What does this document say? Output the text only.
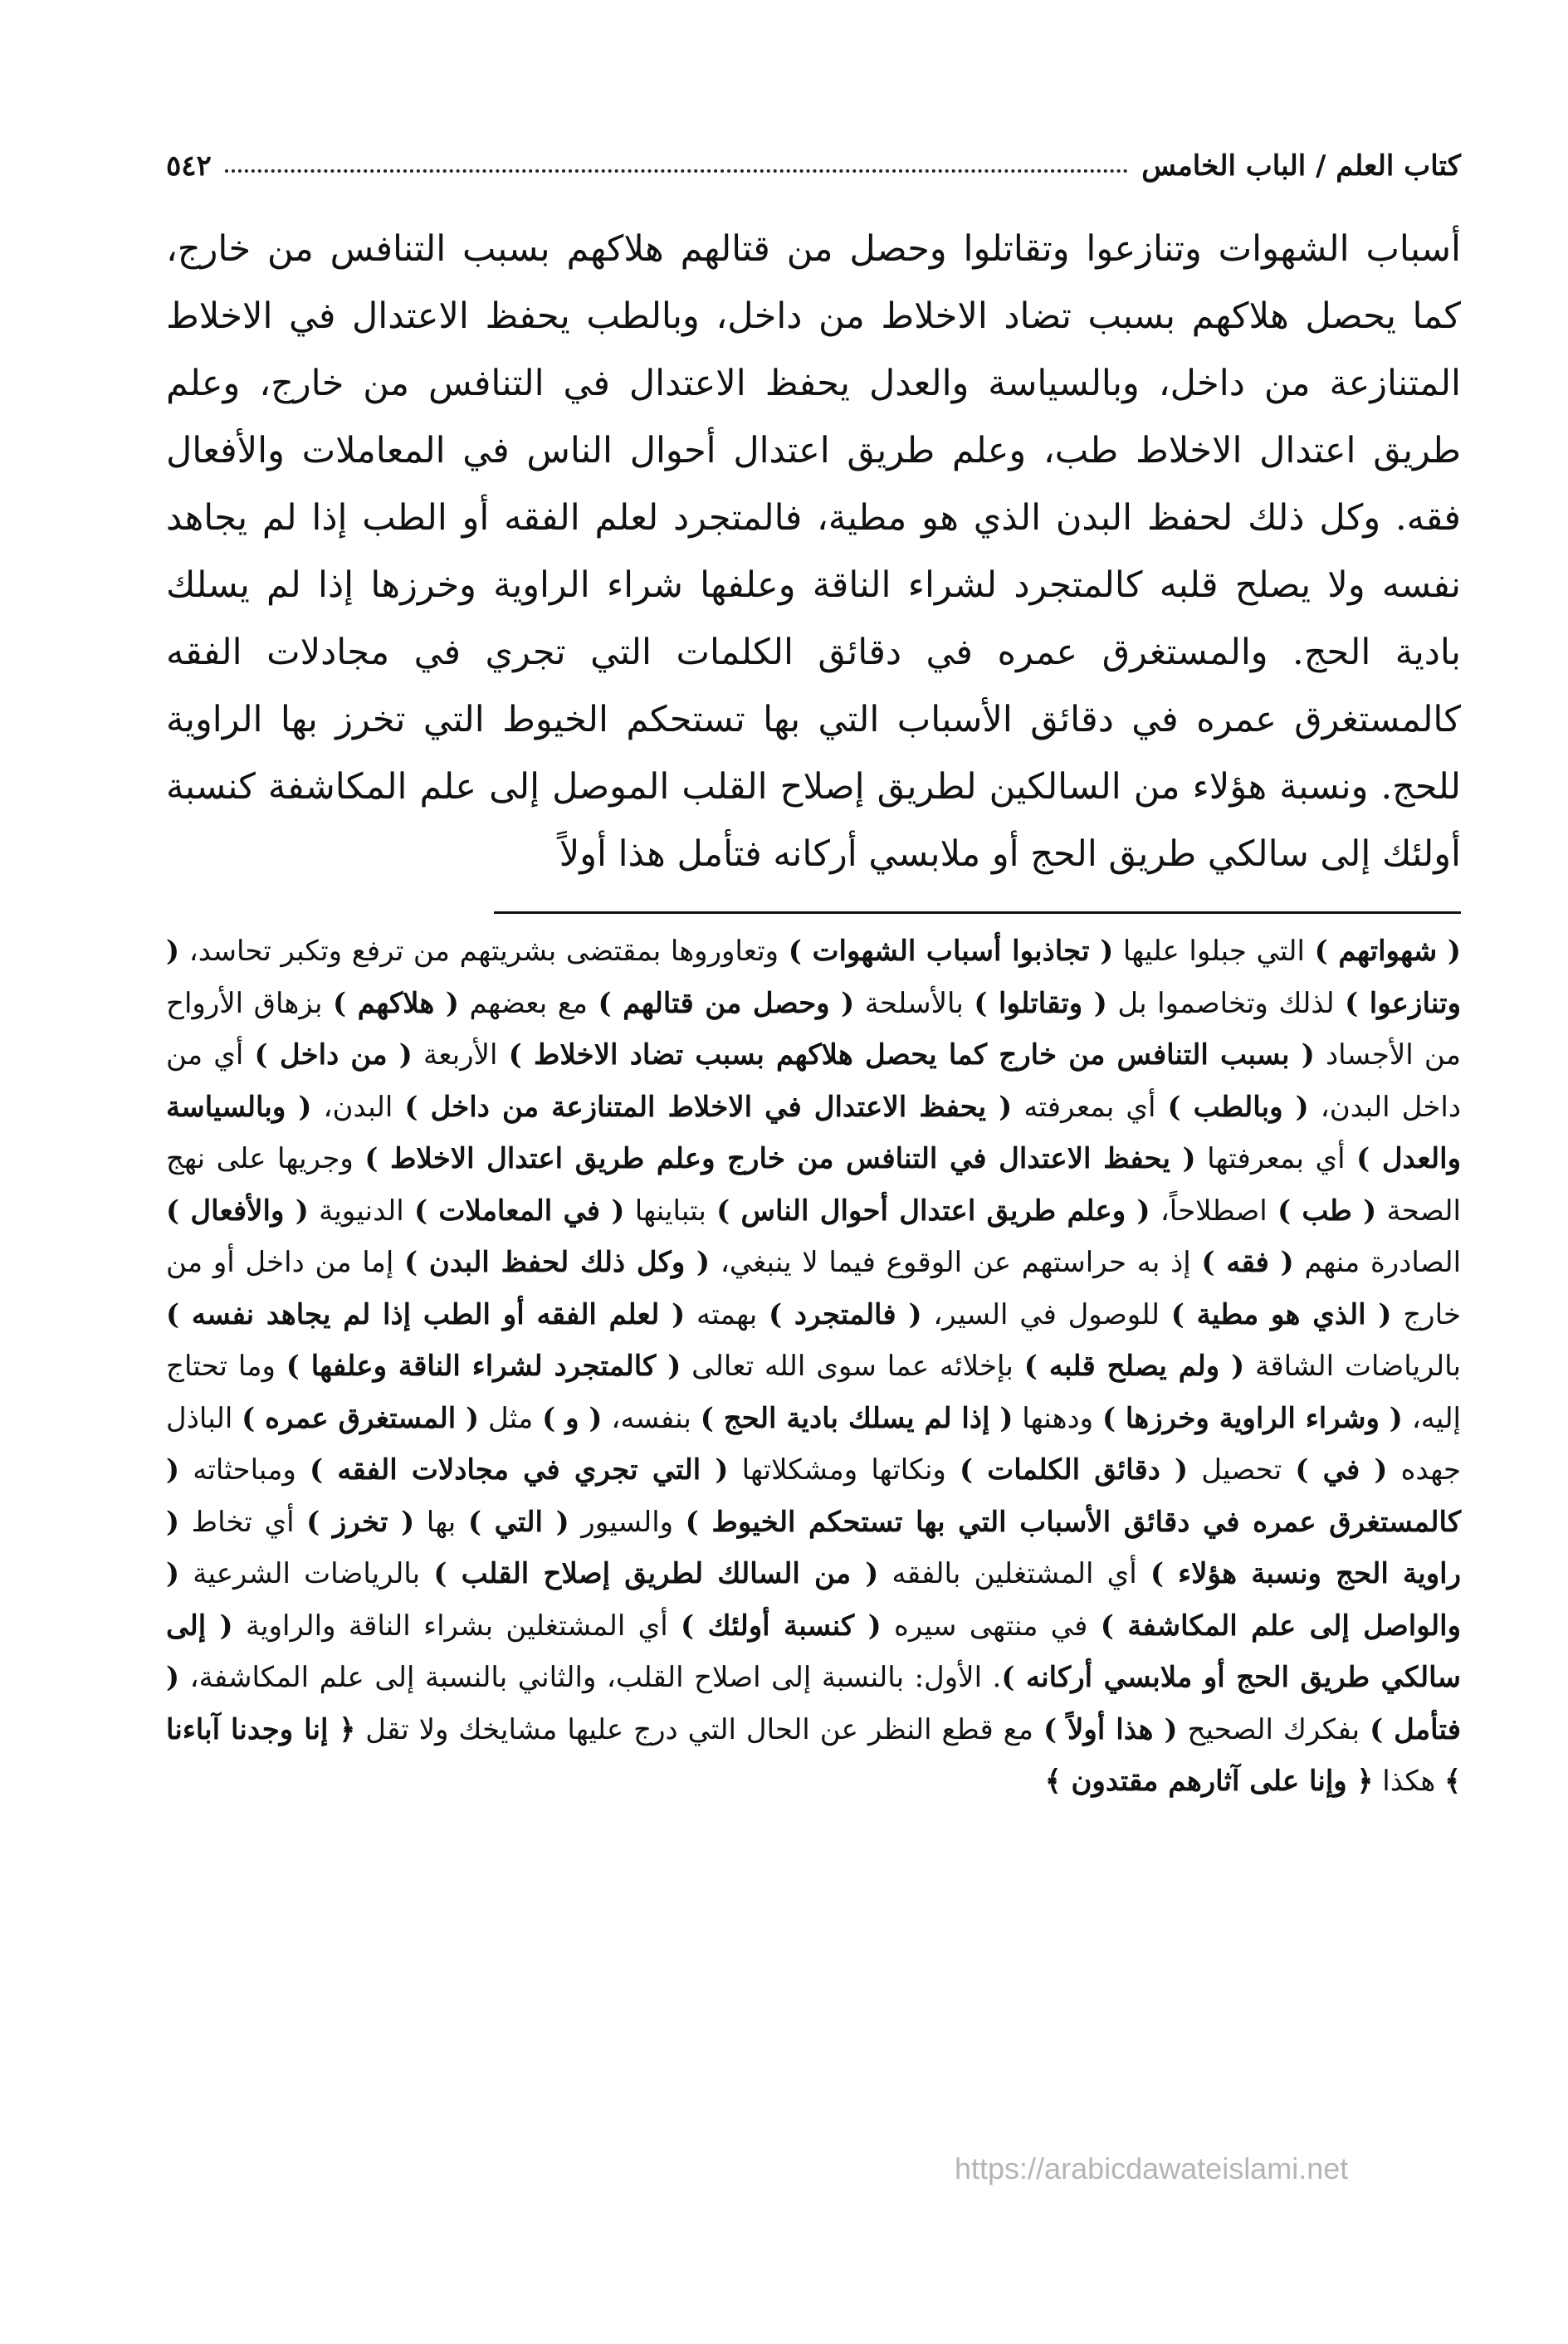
كتاب العلم / الباب الخامس
٥٤٢
أسباب الشهوات وتنازعوا وتقاتلوا وحصل من قتالهم هلاكهم بسبب التنافس من خارج، كما يحصل هلاكهم بسبب تضاد الاخلاط من داخل، وبالطب يحفظ الاعتدال في الاخلاط المتنازعة من داخل، وبالسياسة والعدل يحفظ الاعتدال في التنافس من خارج، وعلم طريق اعتدال الاخلاط طب، وعلم طريق اعتدال أحوال الناس في المعاملات والأفعال فقه. وكل ذلك لحفظ البدن الذي هو مطية، فالمتجرد لعلم الفقه أو الطب إذا لم يجاهد نفسه ولا يصلح قلبه كالمتجرد لشراء الناقة وعلفها شراء الراوية وخرزها إذا لم يسلك بادية الحج. والمستغرق عمره في دقائق الكلمات التي تجري في مجادلات الفقه كالمستغرق عمره في دقائق الأسباب التي بها تستحكم الخيوط التي تخرز بها الراوية للحج. ونسبة هؤلاء من السالكين لطريق إصلاح القلب الموصل إلى علم المكاشفة كنسبة أولئك إلى سالكي طريق الحج أو ملابسي أركانه فتأمل هذا أولاً
( شهواتهم ) التي جبلوا عليها ( تجاذبوا أسباب الشهوات ) وتعاوروها بمقتضى بشريتهم من ترفع وتكبر تحاسد، ( وتنازعوا ) لذلك وتخاصموا بل ( وتقاتلوا ) بالأسلحة ( وحصل من قتالهم ) مع بعضهم ( هلاكهم ) بزهاق الأرواح من الأجساد ( بسبب التنافس من خارج كما يحصل هلاكهم بسبب تضاد الاخلاط ) الأربعة ( من داخل ) أي من داخل البدن، ( وبالطب ) أي بمعرفته ( يحفظ الاعتدال في الاخلاط المتنازعة من داخل ) البدن، ( وبالسياسة والعدل ) أي بمعرفتها ( يحفظ الاعتدال في التنافس من خارج وعلم طريق اعتدال الاخلاط ) وجريها على نهج الصحة ( طب ) اصطلاحاً، ( وعلم طريق اعتدال أحوال الناس ) بتباينها ( في المعاملات ) الدنيوية ( والأفعال ) الصادرة منهم ( فقه ) إذ به حراستهم عن الوقوع فيما لا ينبغي، ( وكل ذلك لحفظ البدن ) إما من داخل أو من خارج ( الذي هو مطية ) للوصول في السير، ( فالمتجرد ) بهمته ( لعلم الفقه أو الطب إذا لم يجاهد نفسه ) بالرياضات الشاقة ( ولم يصلح قلبه ) بإخلائه عما سوى الله تعالى ( كالمتجرد لشراء الناقة وعلفها ) وما تحتاج إليه، ( وشراء الراوية وخرزها ) ودهنها ( إذا لم يسلك بادية الحج ) بنفسه، ( و ) مثل ( المستغرق عمره ) الباذل جهده ( في ) تحصيل ( دقائق الكلمات ) ونكاتها ومشكلاتها ( التي تجري في مجادلات الفقه ) ومباحثاته ( كالمستغرق عمره في دقائق الأسباب التي بها تستحكم الخيوط ) والسيور ( التي ) بها ( تخرز ) أي تخاط ( راوية الحج ونسبة هؤلاء ) أي المشتغلين بالفقه ( من السالك لطريق إصلاح القلب ) بالرياضات الشرعية ( والواصل إلى علم المكاشفة ) في منتهى سيره ( كنسبة أولئك ) أي المشتغلين بشراء الناقة والراوية ( إلى سالكي طريق الحج أو ملابسي أركانه ). الأول: بالنسبة إلى اصلاح القلب، والثاني بالنسبة إلى علم المكاشفة، ( فتأمل ) بفكرك الصحيح ( هذا أولاً ) مع قطع النظر عن الحال التي درج عليها مشايخك ولا تقل ﴿ إنا وجدنا آباءنا ﴾ هكذا ﴿ وإنا على آثارهم مقتدون ﴾
https://arabicdawateislami.net
